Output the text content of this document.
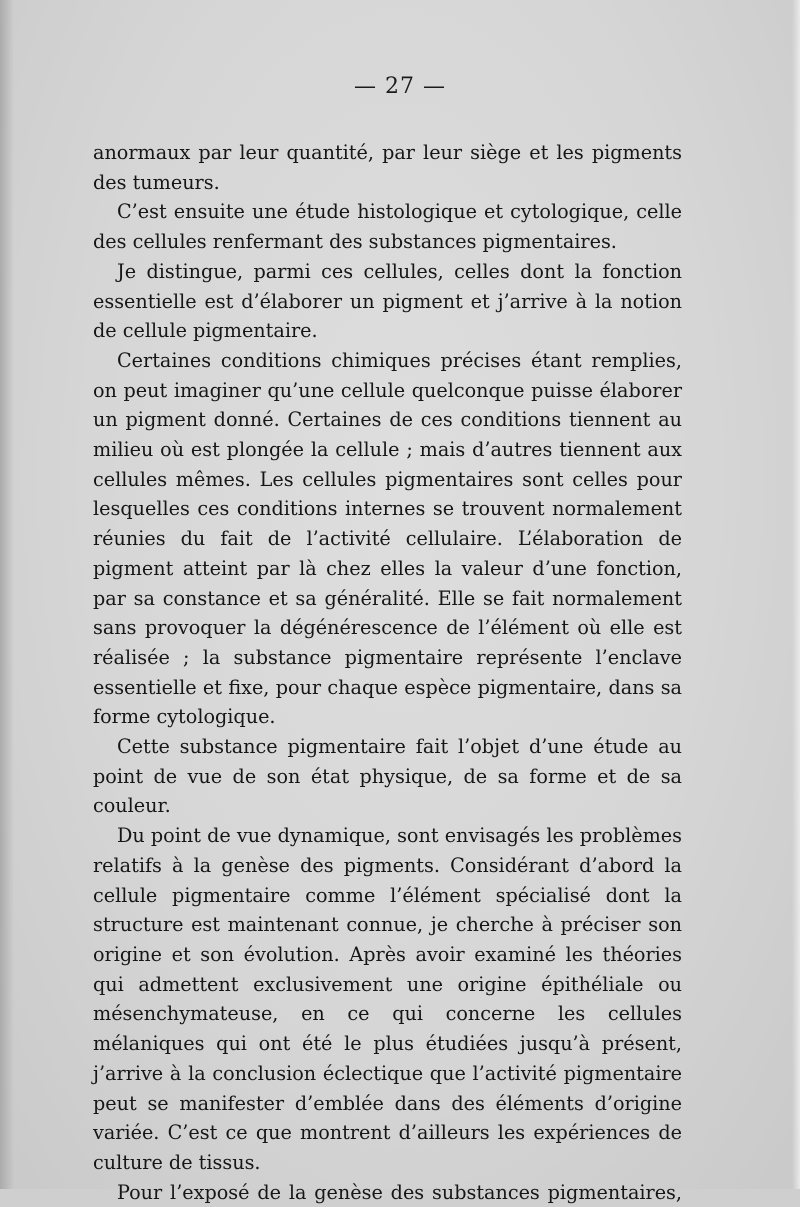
— 27 —

anormaux par leur quantité, par leur siège et les pigments des tumeurs.

C’est ensuite une étude histologique et cytologique, celle des cellules renfermant des substances pigmentaires.

Je distingue, parmi ces cellules, celles dont la fonction essentielle est d’élaborer un pigment et j’arrive à la notion de cellule pigmentaire.

Certaines conditions chimiques précises étant remplies, on peut imaginer qu’une cellule quelconque puisse élaborer un pigment donné. Certaines de ces conditions tiennent au milieu où est plongée la cellule ; mais d’autres tiennent aux cellules mêmes. Les cellules pigmentaires sont celles pour lesquelles ces conditions internes se trouvent normalement réunies du fait de l’activité cellulaire. L’élaboration de pigment atteint par là chez elles la valeur d’une fonction, par sa constance et sa généralité. Elle se fait normalement sans provoquer la dégénérescence de l’élément où elle est réalisée ; la substance pigmentaire représente l’enclave essentielle et fixe, pour chaque espèce pigmentaire, dans sa forme cytologique.

Cette substance pigmentaire fait l’objet d’une étude au point de vue de son état physique, de sa forme et de sa couleur.

Du point de vue dynamique, sont envisagés les problèmes relatifs à la genèse des pigments. Considérant d’abord la cellule pigmentaire comme l’élément spécialisé dont la structure est maintenant connue, je cherche à préciser son origine et son évolution. Après avoir examiné les théories qui admettent exclusivement une origine épithéliale ou mésenchymateuse, en ce qui concerne les cellules mélaniques qui ont été le plus étudiées jusqu’à présent, j’arrive à la conclusion éclectique que l’activité pigmentaire peut se manifester d’emblée dans des éléments d’origine variée. C’est ce que montrent d’ailleurs les expériences de culture de tissus.

Pour l’exposé de la genèse des substances pigmentaires,
